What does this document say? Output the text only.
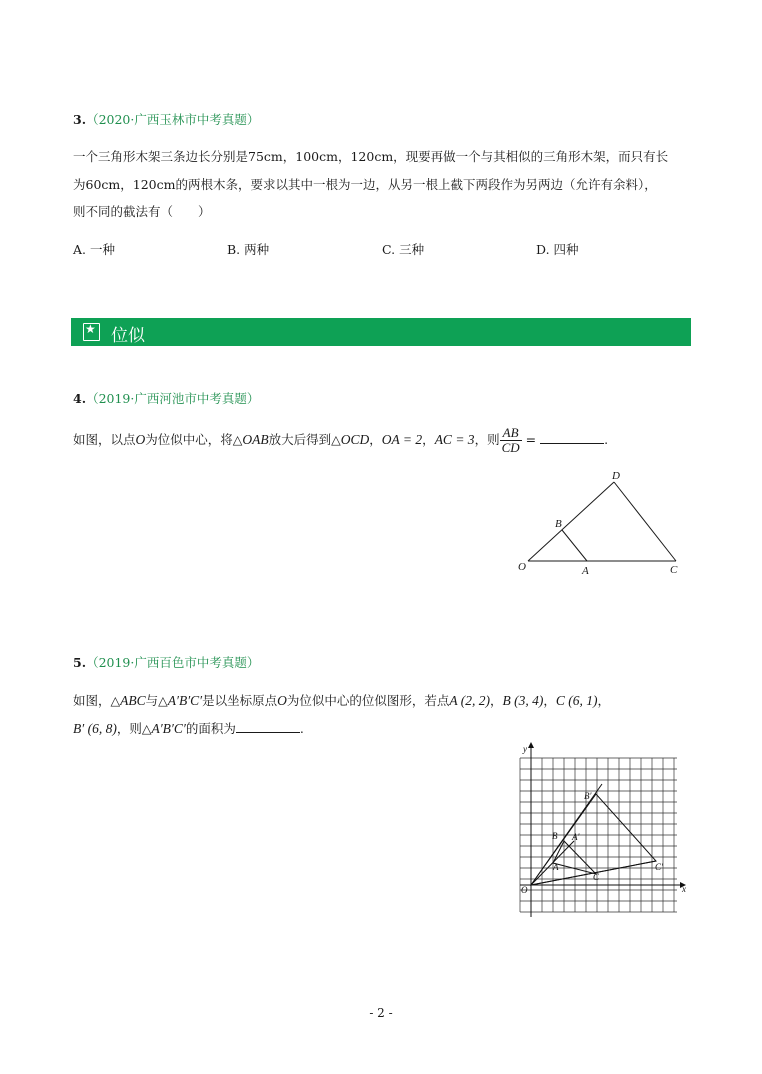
3.（2020·广西玉林市中考真题）
一个三角形木架三条边长分别是75cm，100cm，120cm，现要再做一个与其相似的三角形木架，而只有长
为60cm，120cm的两根木条，要求以其中一根为一边，从另一根上截下两段作为另两边（允许有余料），
则不同的截法有（　　）
A. 一种	B. 两种	C. 三种	D. 四种
★ 位似
4.（2019·广西河池市中考真题）
如图，以点O为位似中心，将△OAB放大后得到△OCD，OA = 2，AC = 3，则 $\frac{AB}{CD}$ =	.
O	A
B
C
D
5.（2019·广西百色市中考真题）
如图，△ABC与△A′B′C′是以坐标原点O为位似中心的位似图形，若点A (2, 2)，B (3, 4)，C (6, 1)，
B′ (6, 8)，则△A′B′C′的面积为	.
x
y
O
A
B
C
A′
B′
C′
- 2 -
